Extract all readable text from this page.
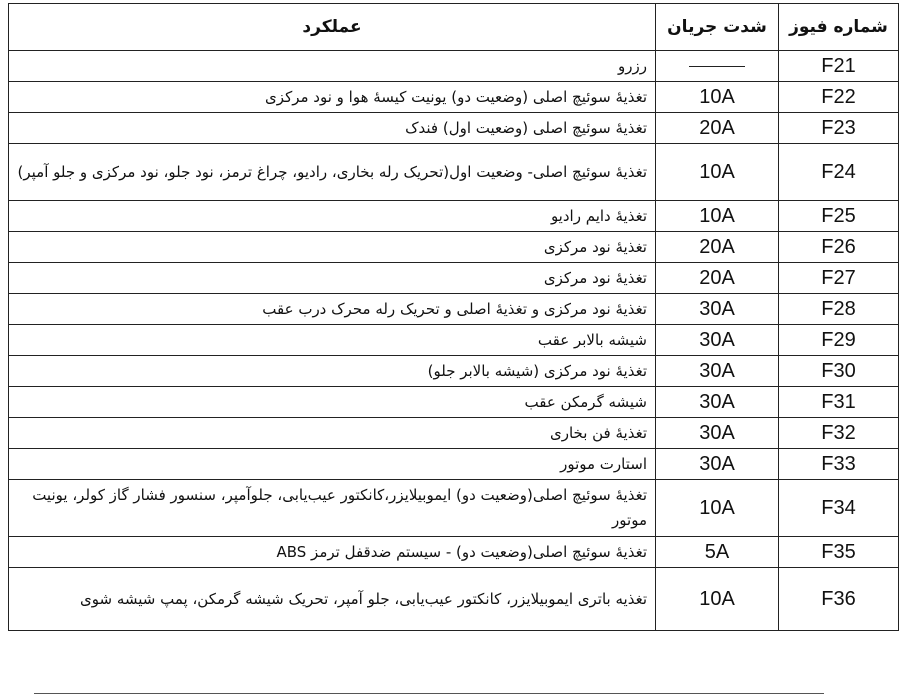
شماره فیوز	شدت جریان	عملکرد
F21		رزرو
F22	10A	تغذیهٔ سوئیچ اصلی (وضعیت دو) یونیت کیسهٔ هوا و نود مرکزی
F23	20A	تغذیهٔ سوئیچ اصلی (وضعیت اول) فندک
F24	10A	تغذیهٔ سوئیچ اصلی- وضعیت اول(تحریک رله بخاری، رادیو، چراغ ترمز، نود جلو، نود مرکزی و جلو آمپر)
F25	10A	تغذیهٔ دایم رادیو
F26	20A	تغذیهٔ نود مرکزی
F27	20A	تغذیهٔ نود مرکزی
F28	30A	تغذیهٔ نود مرکزی و تغذیهٔ اصلی و تحریک رله محرک درب عقب
F29	30A	شیشه بالابر عقب
F30	30A	تغذیهٔ نود مرکزی (شیشه بالابر جلو)
F31	30A	شیشه گرمکن عقب
F32	30A	تغذیهٔ فن بخاری
F33	30A	استارت موتور
F34	10A	تغذیهٔ سوئیچ اصلی(وضعیت دو) ایموبیلایزر،کانکتور عیب‌یابی، جلوآمپر، سنسور فشار گاز کولر، یونیت موتور
F35	5A	تغذیهٔ سوئیچ اصلی(وضعیت دو) - سیستم ضدقفل ترمز ABS
F36	10A	تغذیه باتری ایموبیلایزر، کانکتور عیب‌یابی، جلو آمپر، تحریک شیشه گرمکن، پمپ شیشه شوی
